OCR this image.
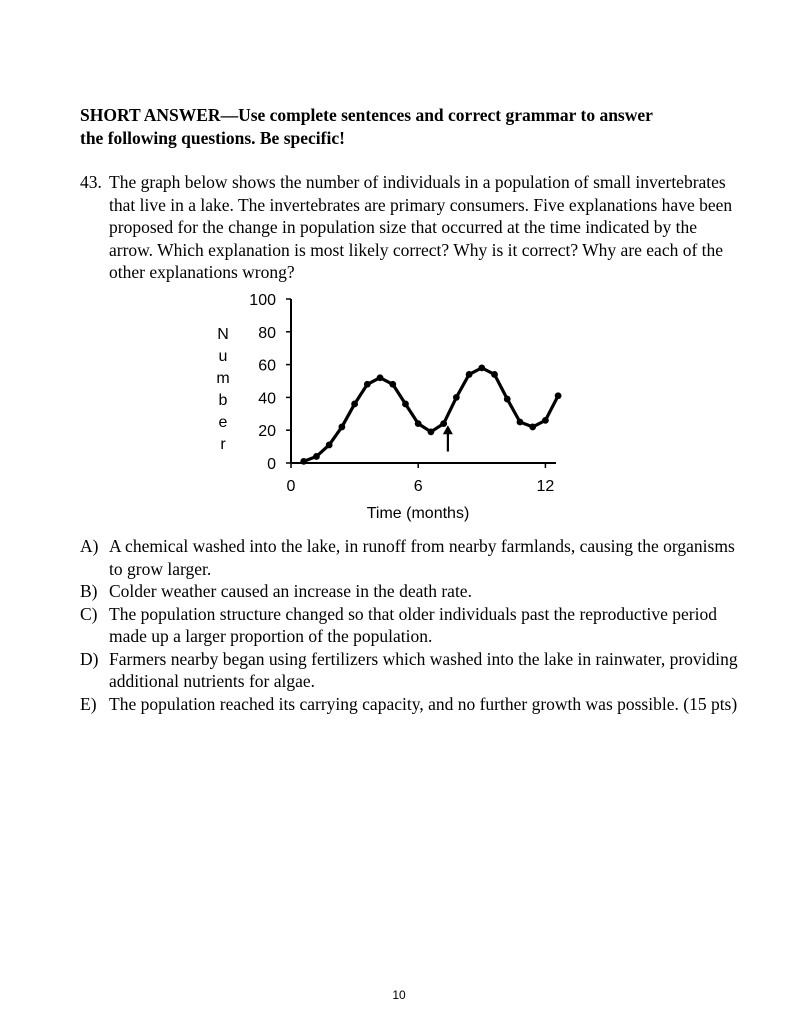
SHORT ANSWER—Use complete sentences and correct grammar to answer
the following questions. Be specific!
43. The graph below shows the number of individuals in a population of small invertebrates that live in a lake. The invertebrates are primary consumers. Five explanations have been proposed for the change in population size that occurred at the time indicated by the arrow. Which explanation is most likely correct? Why is it correct? Why are each of the other explanations wrong?
0
20
40
60
80
100
0	6	12
Time (months)
N
u
m
b
e
r
A) A chemical washed into the lake, in runoff from nearby farmlands, causing the organisms to grow larger.
B) Colder weather caused an increase in the death rate.
C) The population structure changed so that older individuals past the reproductive period made up a larger proportion of the population.
D) Farmers nearby began using fertilizers which washed into the lake in rainwater, providing additional nutrients for algae.
E) The population reached its carrying capacity, and no further growth was possible. (15 pts)
10
